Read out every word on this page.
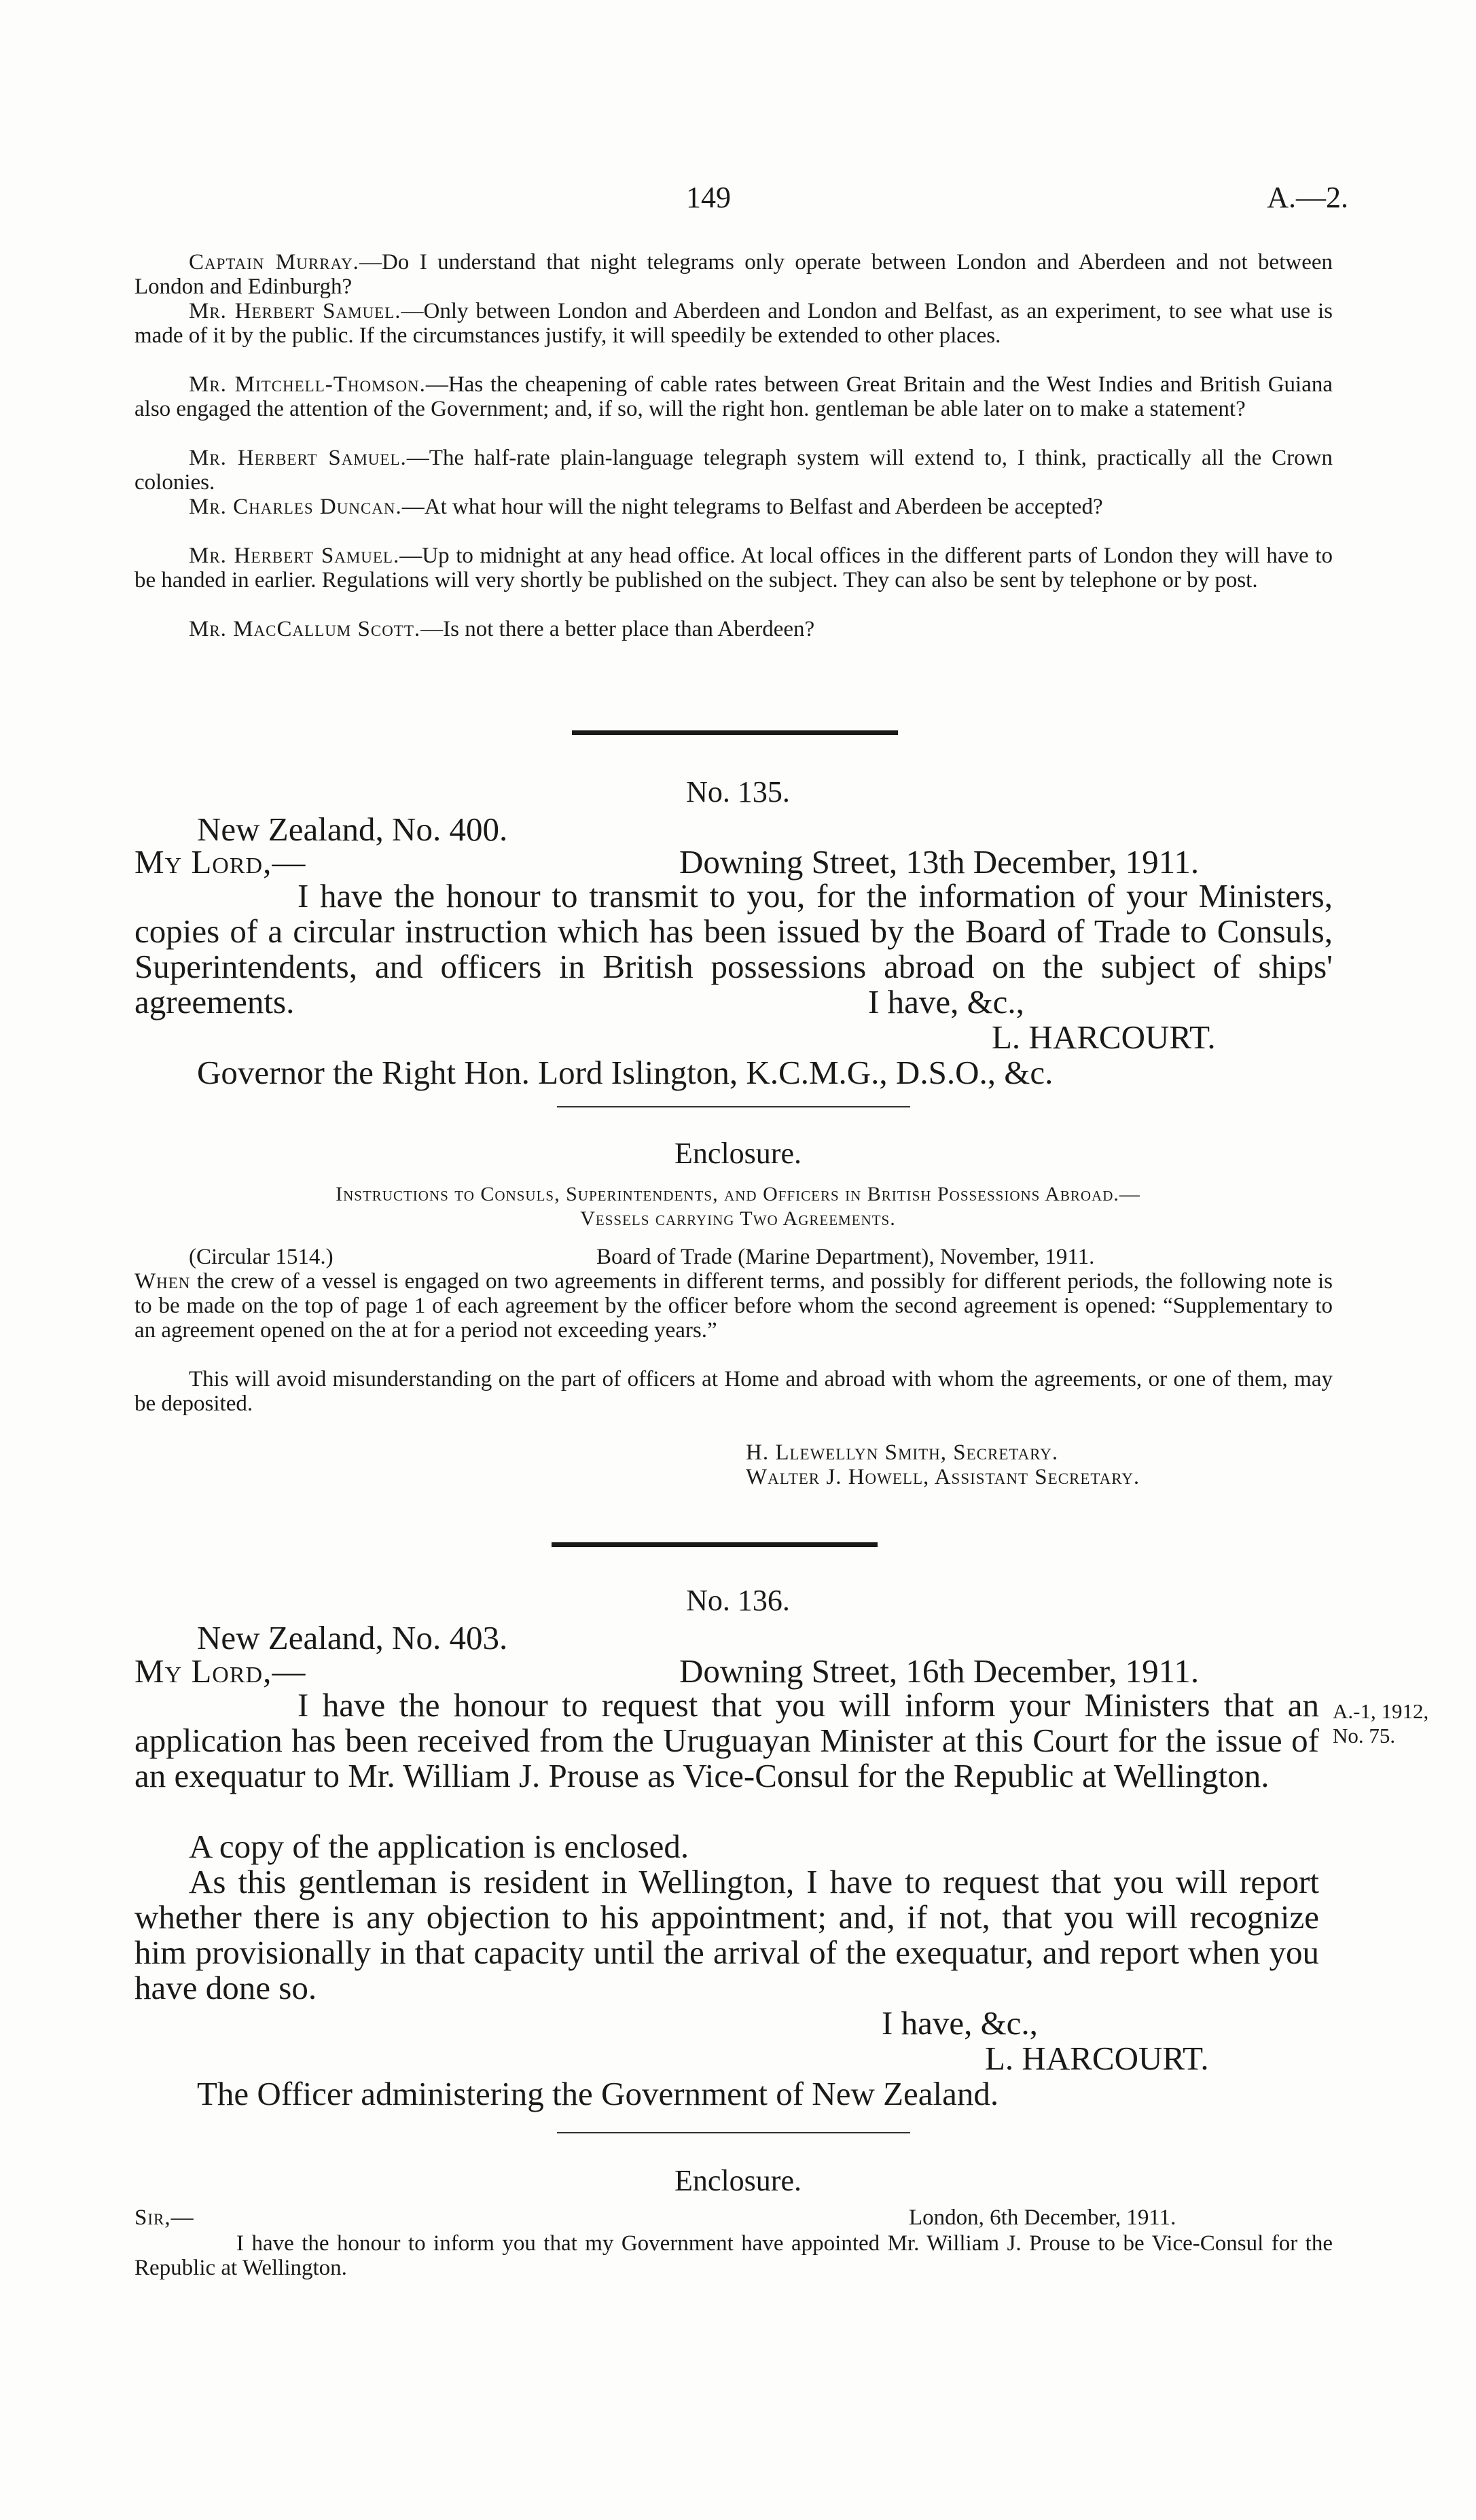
149	A.—2.
Captain Murray.—Do I understand that night telegrams only operate between London and Aberdeen and not between London and Edinburgh?
Mr. Herbert Samuel.—Only between London and Aberdeen and London and Belfast, as an experiment, to see what use is made of it by the public. If the circumstances justify, it will speedily be extended to other places.
Mr. Mitchell-Thomson.—Has the cheapening of cable rates between Great Britain and the West Indies and British Guiana also engaged the attention of the Government; and, if so, will the right hon. gentleman be able later on to make a statement?
Mr. Herbert Samuel.—The half-rate plain-language telegraph system will extend to, I think, practically all the Crown colonies.
Mr. Charles Duncan.—At what hour will the night telegrams to Belfast and Aberdeen be accepted?
Mr. Herbert Samuel.—Up to midnight at any head office. At local offices in the different parts of London they will have to be handed in earlier. Regulations will very shortly be published on the subject. They can also be sent by telephone or by post.
Mr. MacCallum Scott.—Is not there a better place than Aberdeen?
No. 135.
New Zealand, No. 400.
My Lord,—	Downing Street, 13th December, 1911.
I have the honour to transmit to you, for the information of your Ministers, copies of a circular instruction which has been issued by the Board of Trade to Consuls, Superintendents, and officers in British possessions abroad on the subject of ships' agreements.	I have, &c.,
L. HARCOURT.
Governor the Right Hon. Lord Islington, K.C.M.G., D.S.O., &c.
Enclosure.
Instructions to Consuls, Superintendents, and Officers in British Possessions Abroad.—
Vessels carrying Two Agreements.
(Circular 1514.)	Board of Trade (Marine Department), November, 1911.
When the crew of a vessel is engaged on two agreements in different terms, and possibly for different periods, the following note is to be made on the top of page 1 of each agreement by the officer before whom the second agreement is opened: “Supplementary to an agreement opened on the at for a period not exceeding years.”
This will avoid misunderstanding on the part of officers at Home and abroad with whom the agreements, or one of them, may be deposited.
H. Llewellyn Smith, Secretary.
Walter J. Howell, Assistant Secretary.
No. 136.
New Zealand, No. 403.
My Lord,—	Downing Street, 16th December, 1911.
I have the honour to request that you will inform your Ministers that an application has been received from the Uruguayan Minister at this Court for the issue of an exequatur to Mr. William J. Prouse as Vice-Consul for the Republic at Wellington.
A.-1, 1912,
No. 75.
A copy of the application is enclosed.
As this gentleman is resident in Wellington, I have to request that you will report whether there is any objection to his appointment; and, if not, that you will recognize him provisionally in that capacity until the arrival of the exequatur, and report when you have done so.
I have, &c.,
L. HARCOURT.
The Officer administering the Government of New Zealand.
Enclosure.
Sir,—	London, 6th December, 1911.
I have the honour to inform you that my Government have appointed Mr. William J. Prouse to be Vice-Consul for the Republic at Wellington.
